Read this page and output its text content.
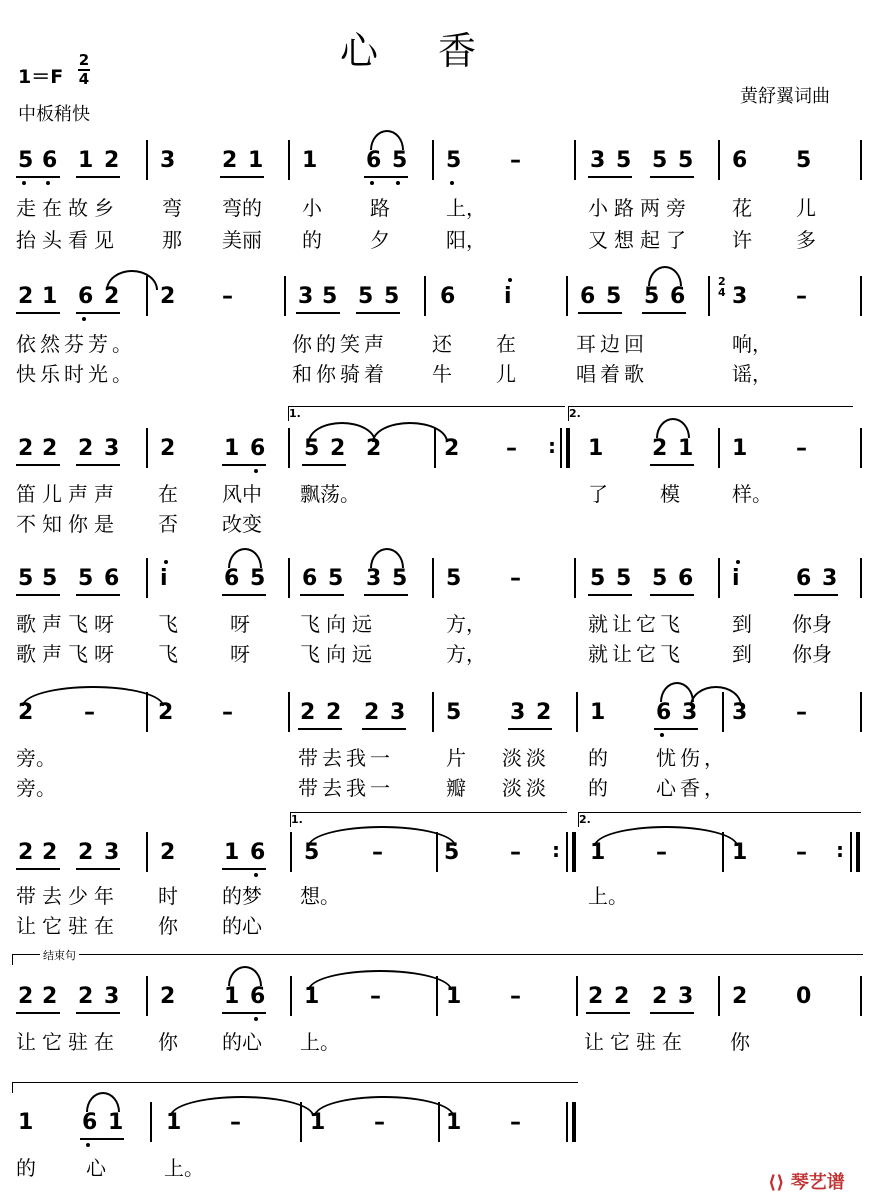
心香
1＝F
2
4
中板稍快
黄舒翼词曲
5 6 1 2 3 2 1 1 6 5 5 –	3 5 5 5 6 5
走在故乡 弯 弯的 小 路	上，	小路两旁 花 儿
抬头看见 那 美丽 的 夕	阳，	又想起了 许 多
2 1 6 2 2 –	3 5 5 5 6 i	6 5 5 6
2
4 3 –
依然芬芳。	你的笑声 还 在	耳边回	响，
快乐时光。	和你骑着 牛 儿	唱着歌	谣，
1.	2.
2 2 2 3 2 1 6 5 2 2	2 – : 1 2 1 1 –
笛儿声声 在 风中 飘荡。	了	模	样。
不知你是 否 改变
5 5 5 6 i	6 5 6 5 3 5 5 –	5 5 5 6 i	6 3
歌声飞呀 飞	呀	飞向远	方，	就让它飞 到 你身
歌声飞呀 飞	呀	飞向远	方，	就让它飞 到 你身
2 –	2 –	2 2 2 3 5 3 2 1 6 3 3 –
旁。	带去我一	片 淡淡 的 忧伤，
旁。	带去我一	瓣 淡淡 的 心香，
1.	2.
2 2 2 3 2 1 6 5 –	5 – : 1 –	1 – :
带去少年 时 的梦 想。	上。
让它驻在 你 的心
结束句
2 2 2 3 2 1 6 1 –	1 –	2 2 2 3 2 0
让它驻在 你 的心 上。	让它驻在 你
1 6 1 1 –	1 –	1 –
的	心	上。
⟨⟩ 琴艺谱
